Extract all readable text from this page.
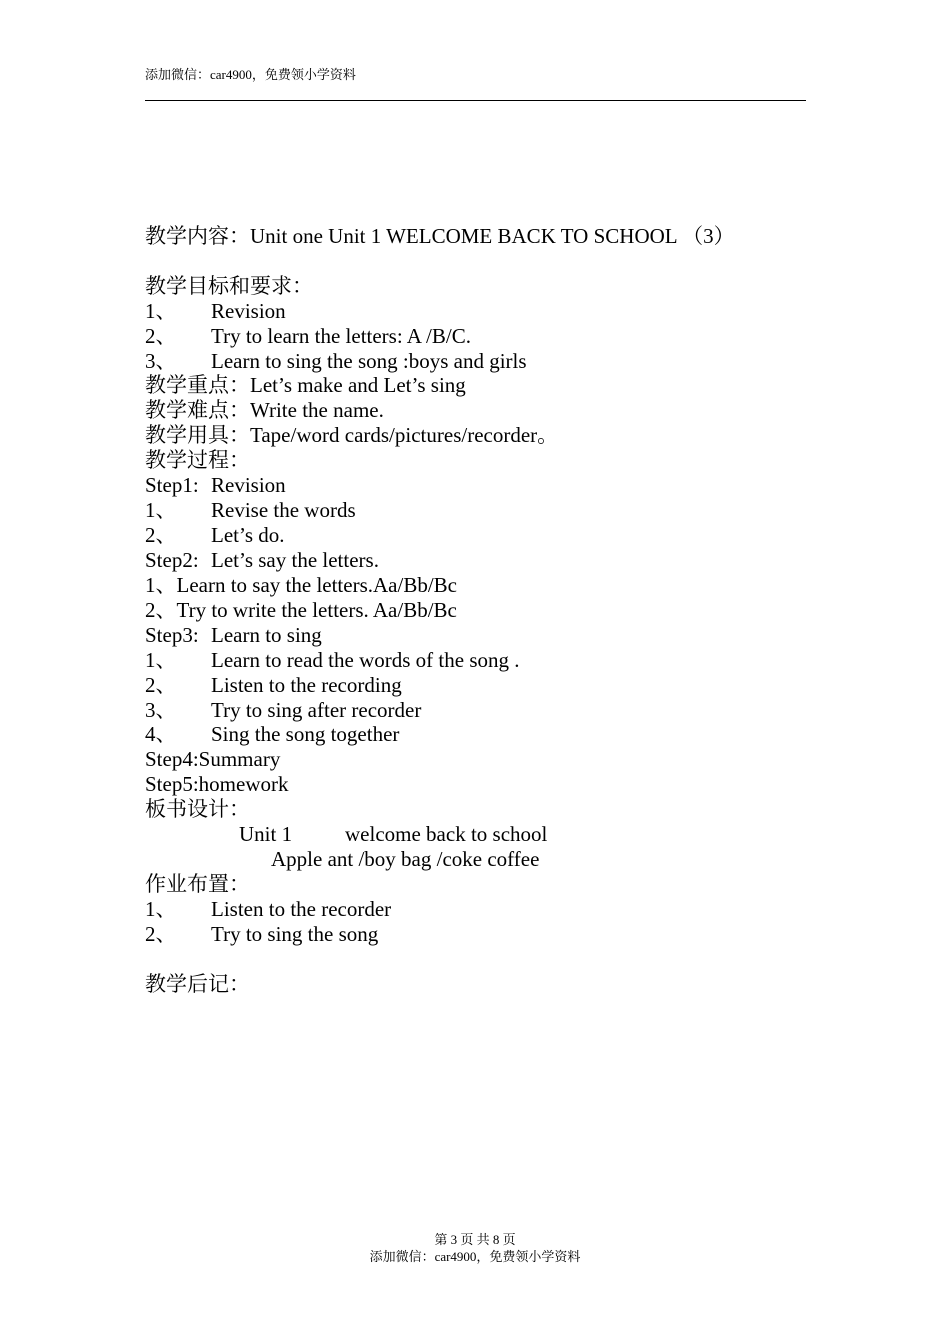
添加微信：car4900，免费领小学资料
教学内容：Unit one Unit 1 WELCOME BACK TO SCHOOL （3）
教学目标和要求：
1、 Revision
2、 Try to learn the letters: A /B/C.
3、 Learn to sing the song :boys and girls
教学重点：Let’s make and Let’s sing
教学难点：Write the name.
教学用具：Tape/word cards/pictures/recorder。
教学过程：
Step1: Revision
1、 Revise the words
2、 Let’s do.
Step2: Let’s say the letters.
1、Learn to say the letters.Aa/Bb/Bc
2、Try to write the letters. Aa/Bb/Bc
Step3: Learn to sing
1、 Learn to read the words of the song .
2、 Listen to the recording
3、 Try to sing after recorder
4、 Sing the song together
Step4:Summary
Step5:homework
板书设计：
Unit 1	welcome back to school
Apple ant /boy bag /coke coffee
作业布置：
1、 Listen to the recorder
2、 Try to sing the song
教学后记：
第 3 页 共 8 页
添加微信：car4900，免费领小学资料
